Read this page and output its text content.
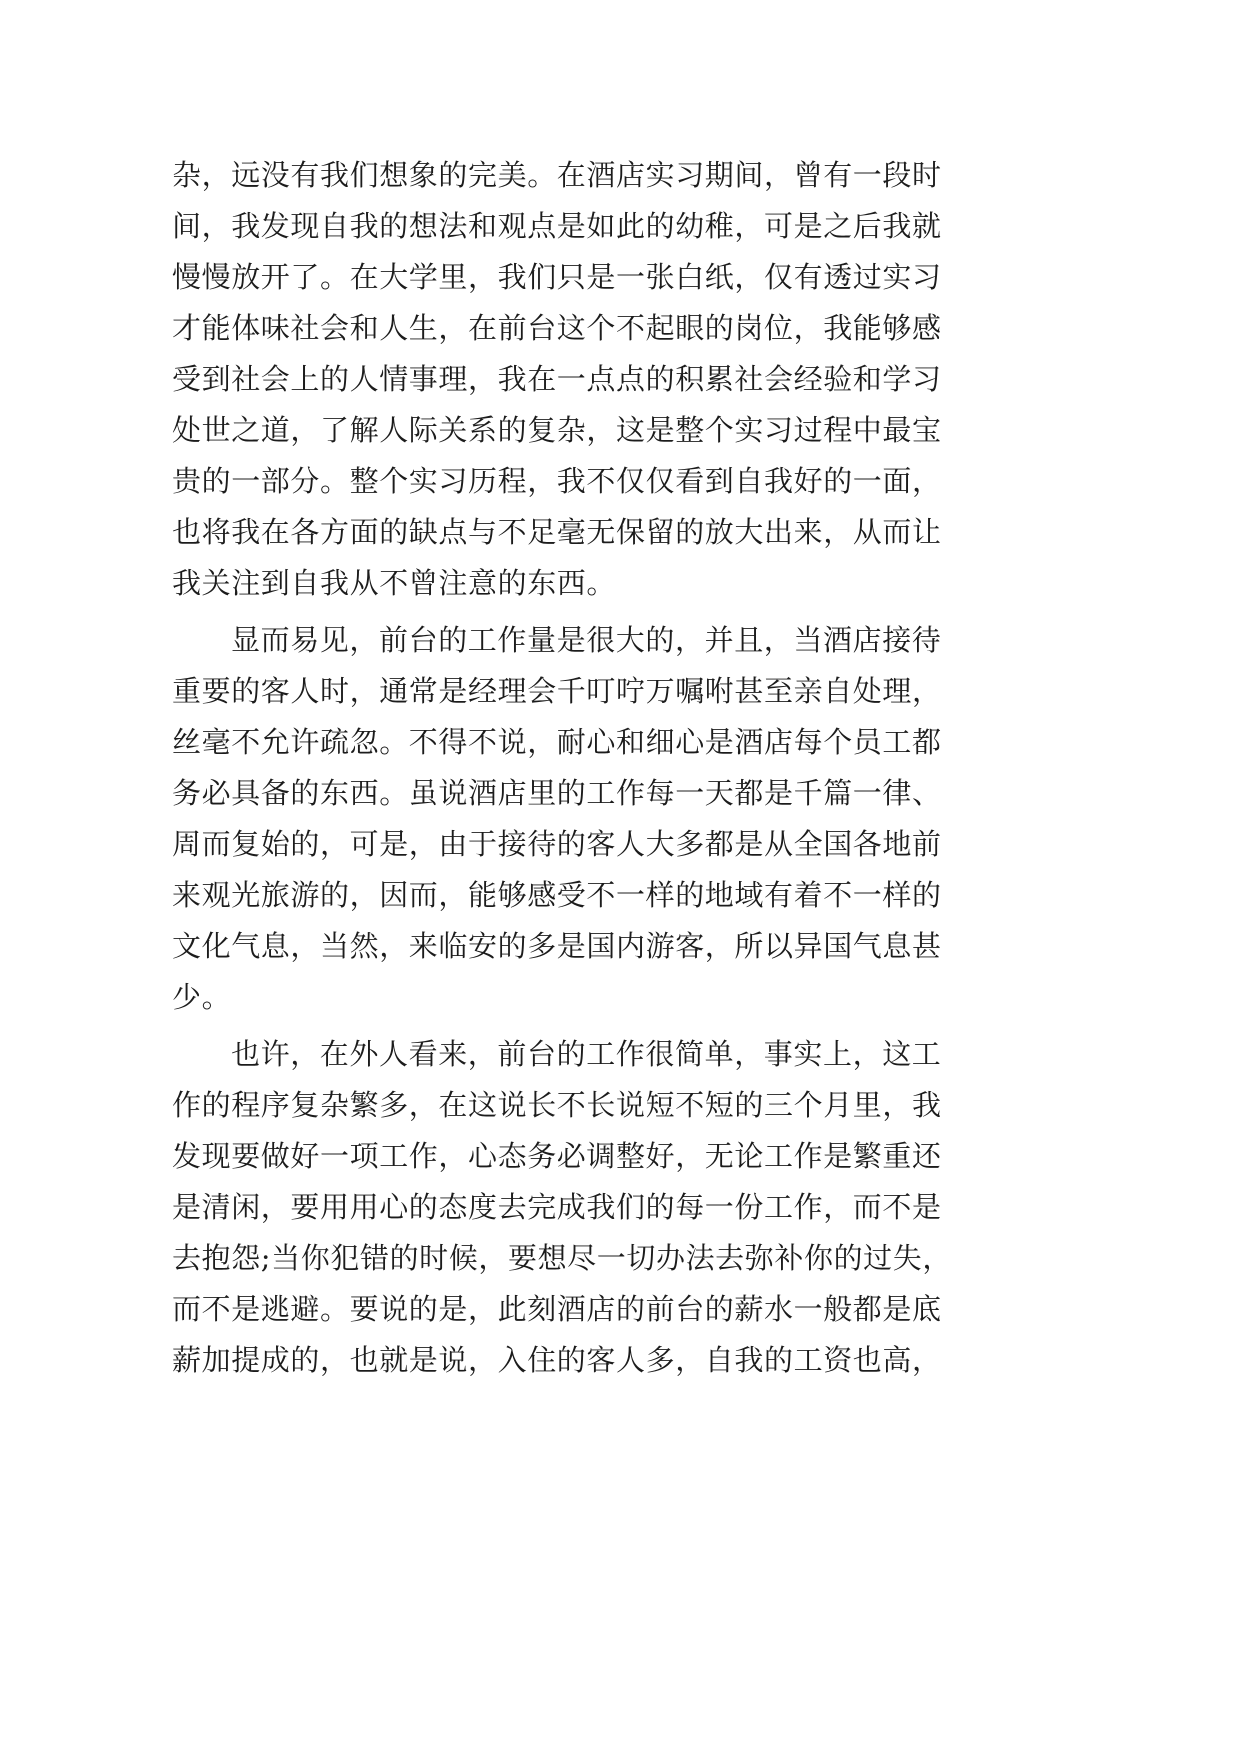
杂，远没有我们想象的完美。在酒店实习期间，曾有一段时
间，我发现自我的想法和观点是如此的幼稚，可是之后我就
慢慢放开了。在大学里，我们只是一张白纸，仅有透过实习
才能体味社会和人生，在前台这个不起眼的岗位，我能够感
受到社会上的人情事理，我在一点点的积累社会经验和学习
处世之道，了解人际关系的复杂，这是整个实习过程中最宝
贵的一部分。整个实习历程，我不仅仅看到自我好的一面，
也将我在各方面的缺点与不足毫无保留的放大出来，从而让
我关注到自我从不曾注意的东西。
显而易见，前台的工作量是很大的，并且，当酒店接待
重要的客人时，通常是经理会千叮咛万嘱咐甚至亲自处理，
丝毫不允许疏忽。不得不说，耐心和细心是酒店每个员工都
务必具备的东西。虽说酒店里的工作每一天都是千篇一律、
周而复始的，可是，由于接待的客人大多都是从全国各地前
来观光旅游的，因而，能够感受不一样的地域有着不一样的
文化气息，当然，来临安的多是国内游客，所以异国气息甚
少。
也许，在外人看来，前台的工作很简单，事实上，这工
作的程序复杂繁多，在这说长不长说短不短的三个月里，我
发现要做好一项工作，心态务必调整好，无论工作是繁重还
是清闲，要用用心的态度去完成我们的每一份工作，而不是
去抱怨;当你犯错的时候，要想尽一切办法去弥补你的过失，
而不是逃避。要说的是，此刻酒店的前台的薪水一般都是底
薪加提成的，也就是说，入住的客人多，自我的工资也高，
